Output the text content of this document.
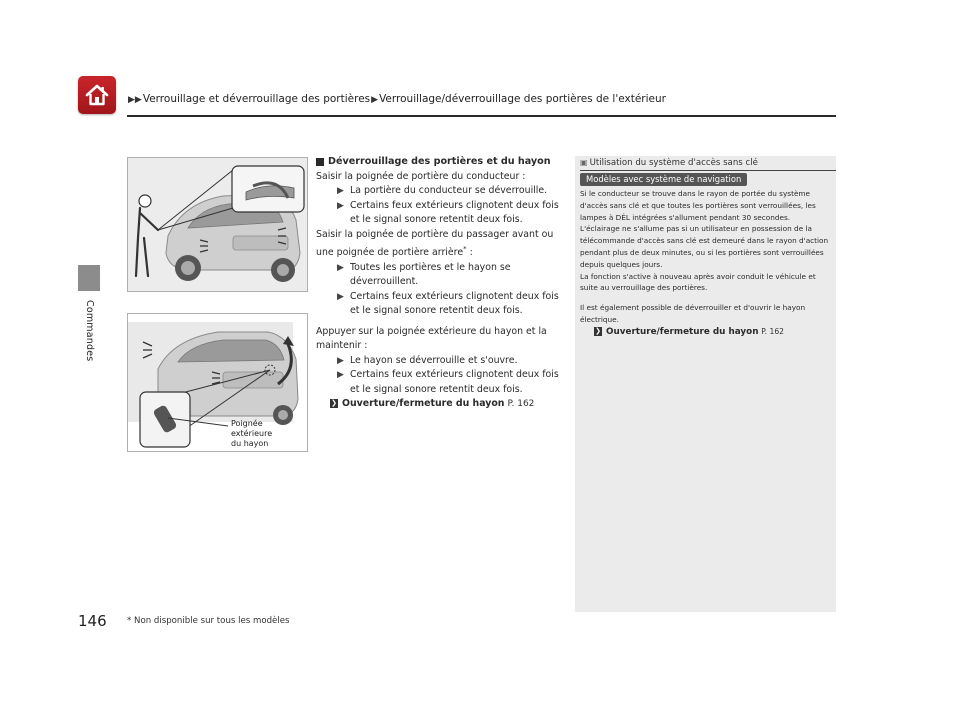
▶▶Verrouillage et déverrouillage des portières▶Verrouillage/déverrouillage des portières de l'extérieur
Commandes
Poignée
extérieure
du hayon
Déverrouillage des portières et du hayon
Saisir la poignée de portière du conducteur :
▶ La portière du conducteur se déverrouille.
▶ Certains feux extérieurs clignotent deux fois et le signal sonore retentit deux fois.
Saisir la poignée de portière du passager avant ou une poignée de portière arrière* :
▶ Toutes les portières et le hayon se déverrouillent.
▶ Certains feux extérieurs clignotent deux fois et le signal sonore retentit deux fois.
Appuyer sur la poignée extérieure du hayon et la maintenir :
▶ Le hayon se déverrouille et s'ouvre.
▶ Certains feux extérieurs clignotent deux fois et le signal sonore retentit deux fois.
❯ Ouverture/fermeture du hayon P. 162
▣ Utilisation du système d'accès sans clé
Modèles avec système de navigation

Si le conducteur se trouve dans le rayon de portée du système d'accès sans clé et que toutes les portières sont verrouillées, les lampes à DÉL intégrées s'allument pendant 30 secondes.

L'éclairage ne s'allume pas si un utilisateur en possession de la télécommande d'accès sans clé est demeuré dans le rayon d'action pendant plus de deux minutes, ou si les portières sont verrouillées depuis quelques jours.

La fonction s'active à nouveau après avoir conduit le véhicule et suite au verrouillage des portières.

Il est également possible de déverrouiller et d'ouvrir le hayon électrique.

❯ Ouverture/fermeture du hayon P. 162
146 * Non disponible sur tous les modèles
